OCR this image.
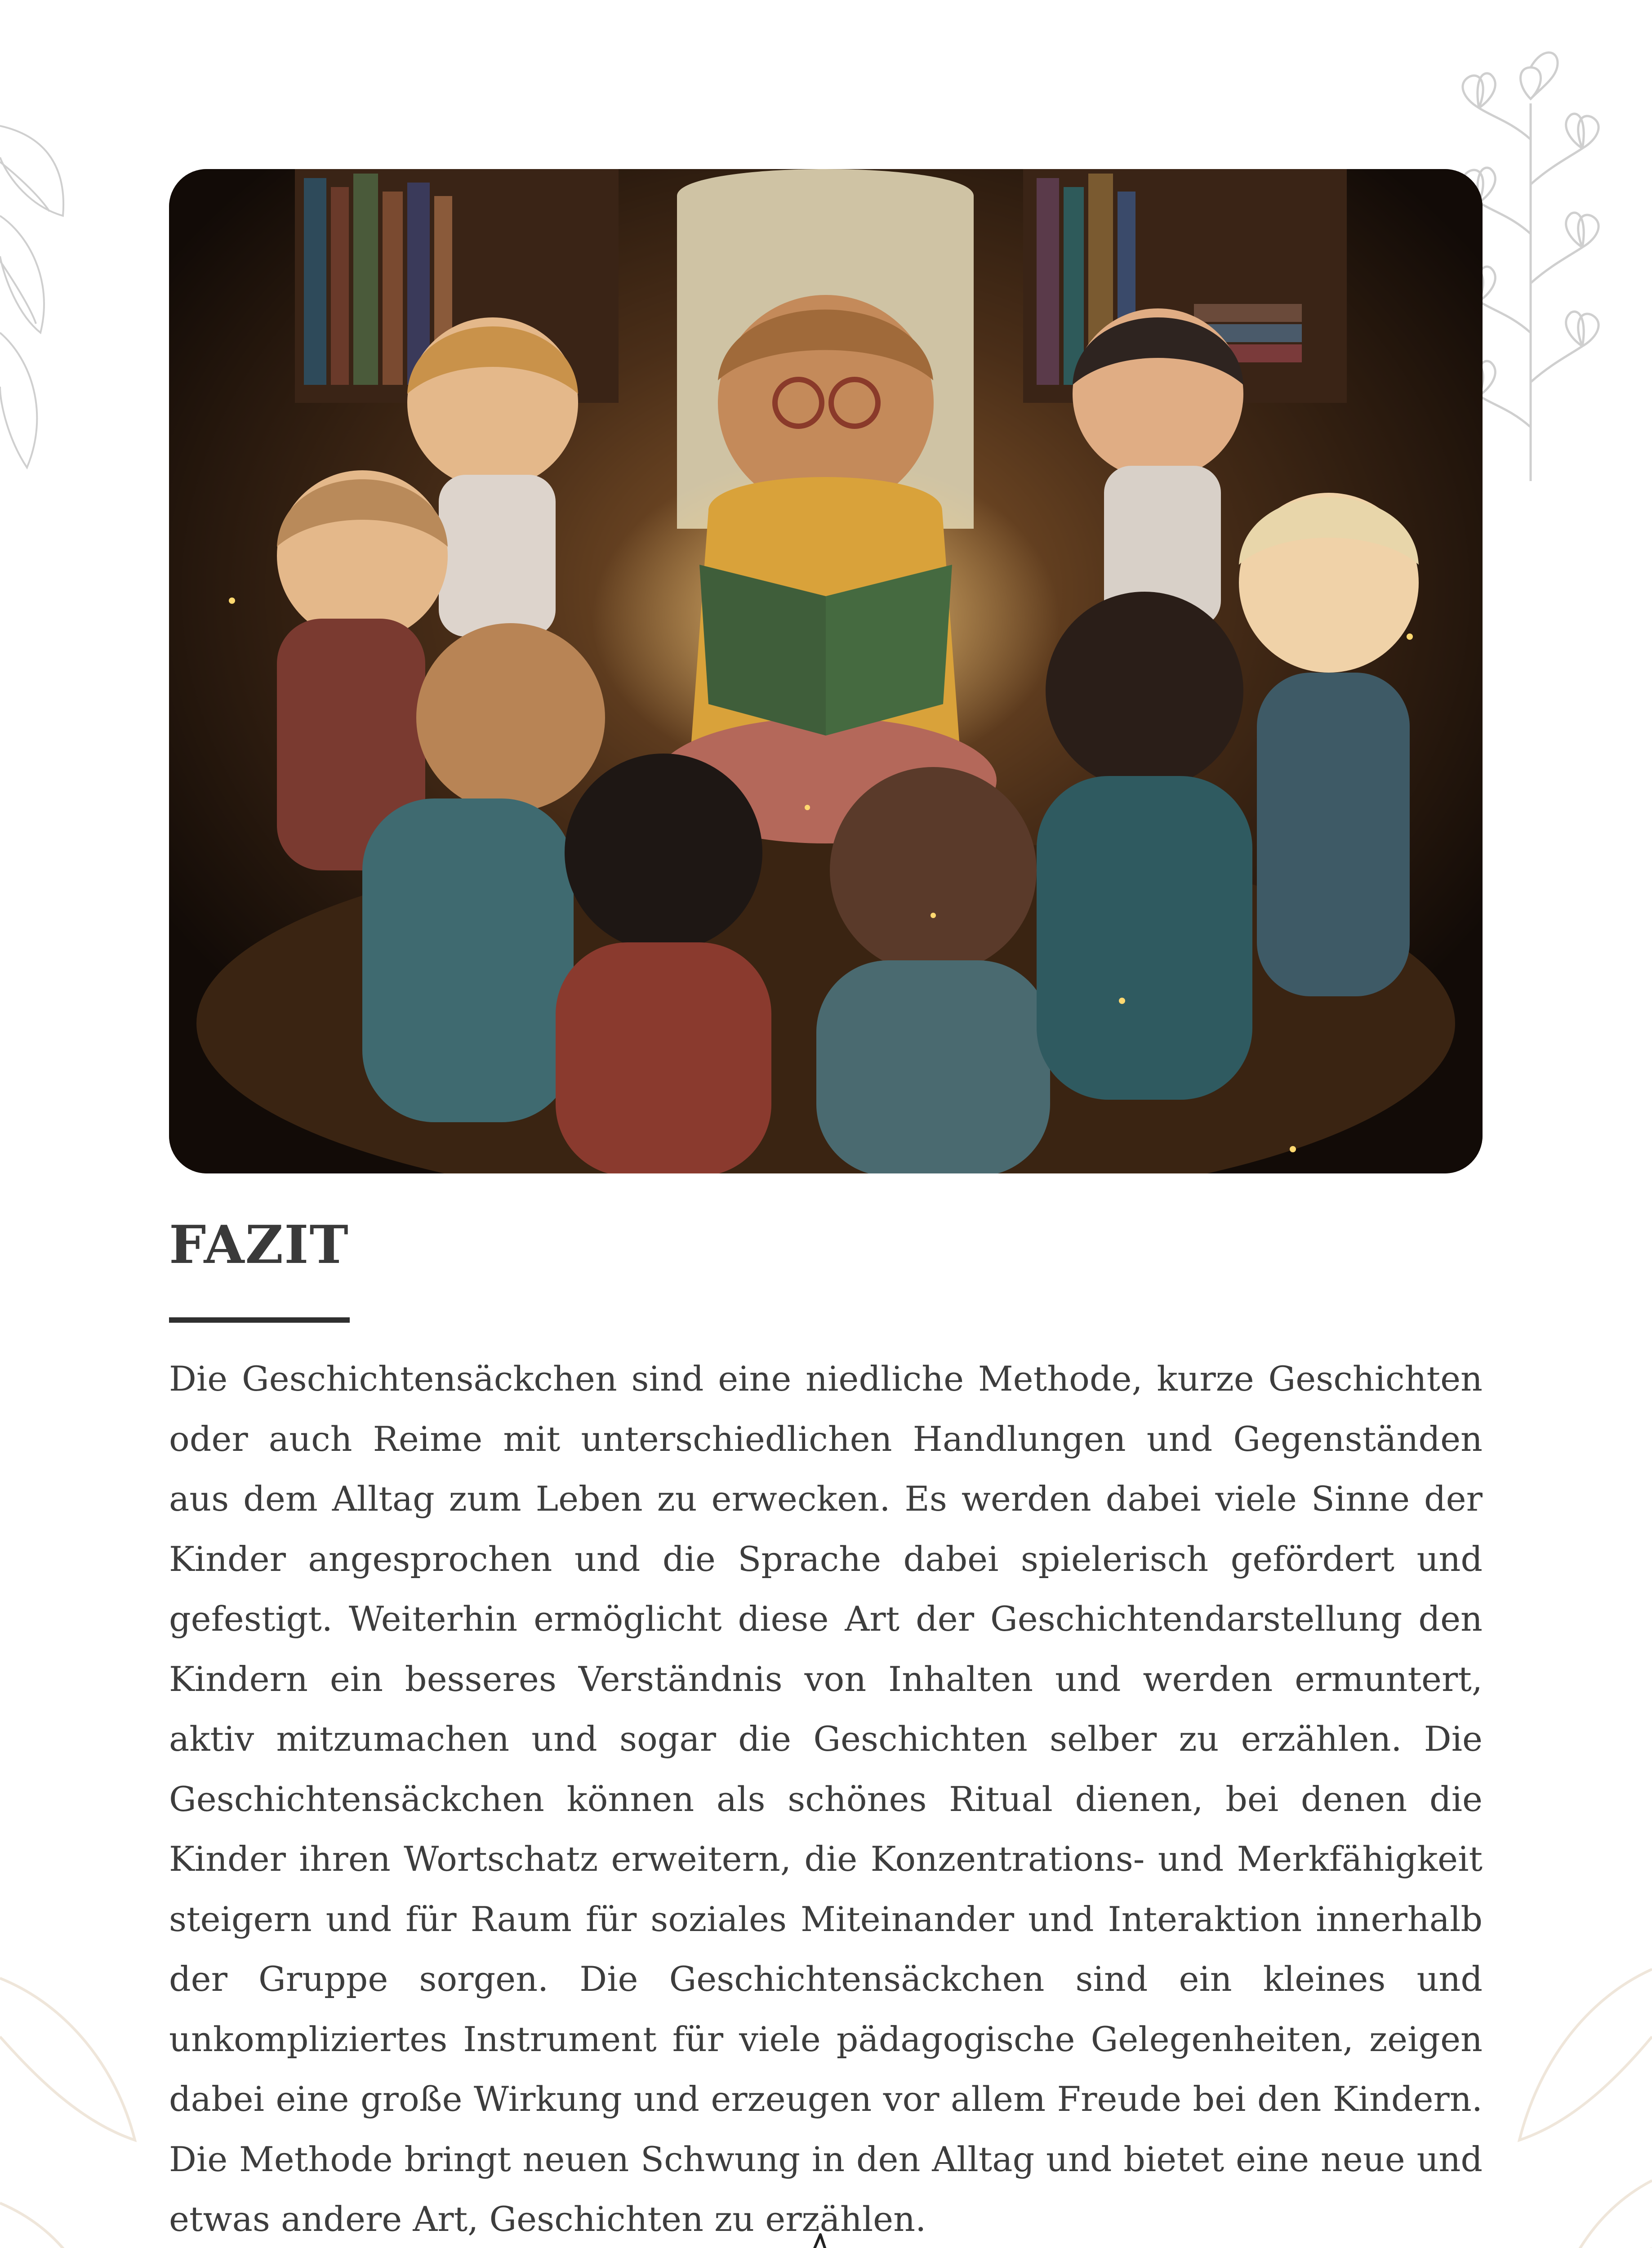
FAZIT

Die Geschichtensäckchen sind eine niedliche Methode, kurze Geschichten oder auch Reime mit unterschiedlichen Handlungen und Gegenständen aus dem Alltag zum Leben zu erwecken. Es werden dabei viele Sinne der Kinder angesprochen und die Sprache dabei spielerisch gefördert und gefestigt. Weiterhin ermöglicht diese Art der Geschichtendarstellung den Kindern ein besseres Verständnis von Inhalten und werden ermuntert, aktiv mitzumachen und sogar die Geschichten selber zu erzählen. Die Geschichtensäckchen können als schönes Ritual dienen, bei denen die Kinder ihren Wortschatz erweitern, die Konzentrations- und Merkfähigkeit steigern und für Raum für soziales Miteinander und Interaktion innerhalb der Gruppe sorgen. Die Geschichtensäckchen sind ein kleines und unkompliziertes Instrument für viele pädagogische Gelegenheiten, zeigen dabei eine große Wirkung und erzeugen vor allem Freude bei den Kindern. Die Methode bringt neuen Schwung in den Alltag und bietet eine neue und etwas andere Art, Geschichten zu erzählen.
